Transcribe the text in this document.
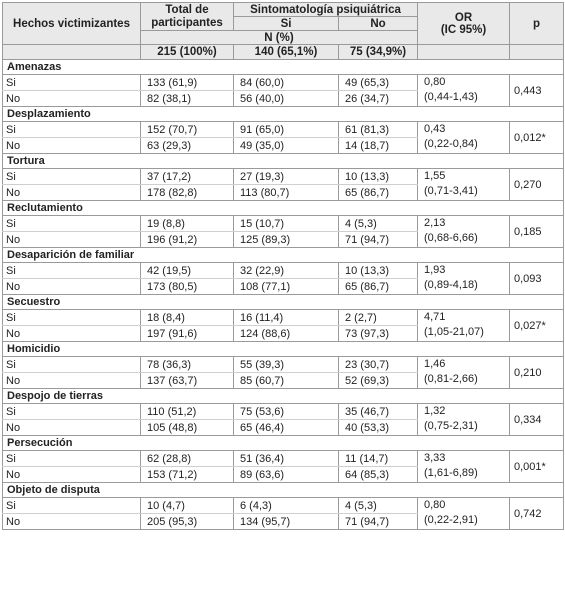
Hechos victimizantes	Total de participantes	Sintomatología psiquiátrica		OR
(IC 95%)	p
		Si	No		
	N (%)				
	215 (100%)	140 (65,1%)	75 (34,9%)		
Amenazas					
Si	133 (61,9)	84 (60,0)	49 (65,3)	0,80
(0,44-1,43)	0,443
No	82 (38,1)	56 (40,0)	26 (34,7)		
Desplazamiento					
Si	152 (70,7)	91 (65,0)	61 (81,3)	0,43
(0,22-0,84)	0,012*
No	63 (29,3)	49 (35,0)	14 (18,7)		
Tortura					
Si	37 (17,2)	27 (19,3)	10 (13,3)	1,55
(0,71-3,41)	0,270
No	178 (82,8)	113 (80,7)	65 (86,7)		
Reclutamiento					
Si	19 (8,8)	15 (10,7)	4 (5,3)	2,13
(0,68-6,66)	0,185
No	196 (91,2)	125 (89,3)	71 (94,7)		
Desaparición de familiar					
Si	42 (19,5)	32 (22,9)	10 (13,3)	1,93
(0,89-4,18)	0,093
No	173 (80,5)	108 (77,1)	65 (86,7)		
Secuestro					
Si	18 (8,4)	16 (11,4)	2 (2,7)	4,71
(1,05-21,07)	0,027*
No	197 (91,6)	124 (88,6)	73 (97,3)		
Homicidio					
Si	78 (36,3)	55 (39,3)	23 (30,7)	1,46
(0,81-2,66)	0,210
No	137 (63,7)	85 (60,7)	52 (69,3)		
Despojo de tierras					
Si	110 (51,2)	75 (53,6)	35 (46,7)	1,32
(0,75-2,31)	0,334
No	105 (48,8)	65 (46,4)	40 (53,3)		
Persecución					
Si	62 (28,8)	51 (36,4)	11 (14,7)	3,33
(1,61-6,89)	0,001*
No	153 (71,2)	89 (63,6)	64 (85,3)		
Objeto de disputa					
Si	10 (4,7)	6 (4,3)	4 (5,3)	0,80
(0,22-2,91)	0,742
No	205 (95,3)	134 (95,7)	71 (94,7)		
